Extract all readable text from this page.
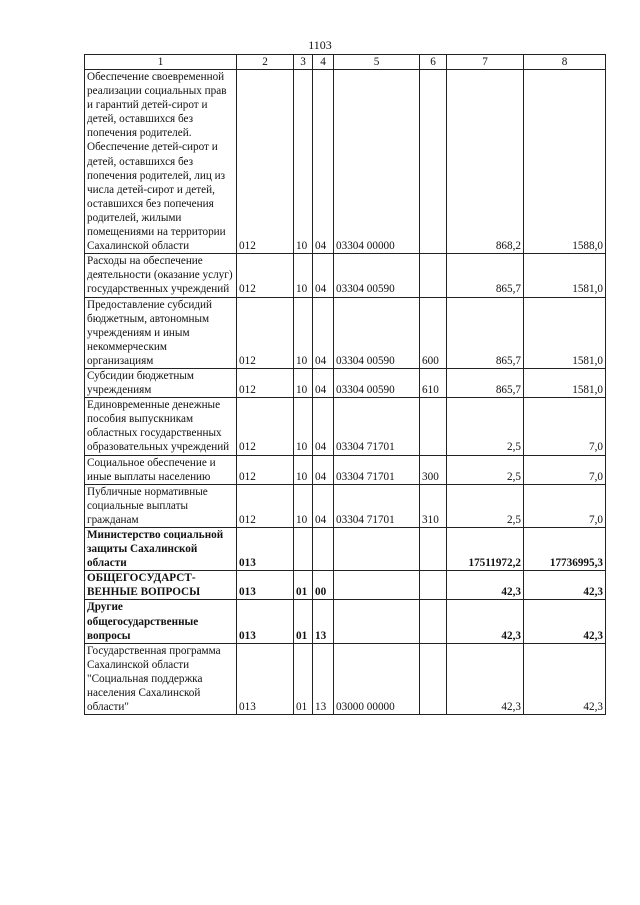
1103
1	2	3	4	5	6	7	8
Обеспечение своевременной реализации социальных прав и гарантий детей-сирот и детей, оставшихся без попечения родителей. Обеспечение детей-сирот и детей, оставшихся без попечения родителей, лиц из числа детей-сирот и детей, оставшихся без попечения родителей, жилыми помещениями на территории Сахалинской области	012	10	04	03304 00000		868,2	1588,0
Расходы на обеспечение деятельности (оказание услуг) государственных учреждений	012	10	04	03304 00590		865,7	1581,0
Предоставление субсидий бюджетным, автономным учреждениям и иным некоммерческим организациям	012	10	04	03304 00590	600	865,7	1581,0
Субсидии бюджетным учреждениям	012	10	04	03304 00590	610	865,7	1581,0
Единовременные денежные пособия выпускникам областных государственных образовательных учреждений	012	10	04	03304 71701		2,5	7,0
Социальное обеспечение и иные выплаты населению	012	10	04	03304 71701	300	2,5	7,0
Публичные нормативные социальные выплаты гражданам	012	10	04	03304 71701	310	2,5	7,0
Министерство социальной защиты Сахалинской области	013					17511972,2	17736995,3
ОБЩЕГОСУДАРСТ-ВЕННЫЕ ВОПРОСЫ	013	01	00			42,3	42,3
Другие общегосударственные вопросы	013	01	13			42,3	42,3
Государственная программа Сахалинской области "Социальная поддержка населения Сахалинской области"	013	01	13	03000 00000		42,3	42,3
